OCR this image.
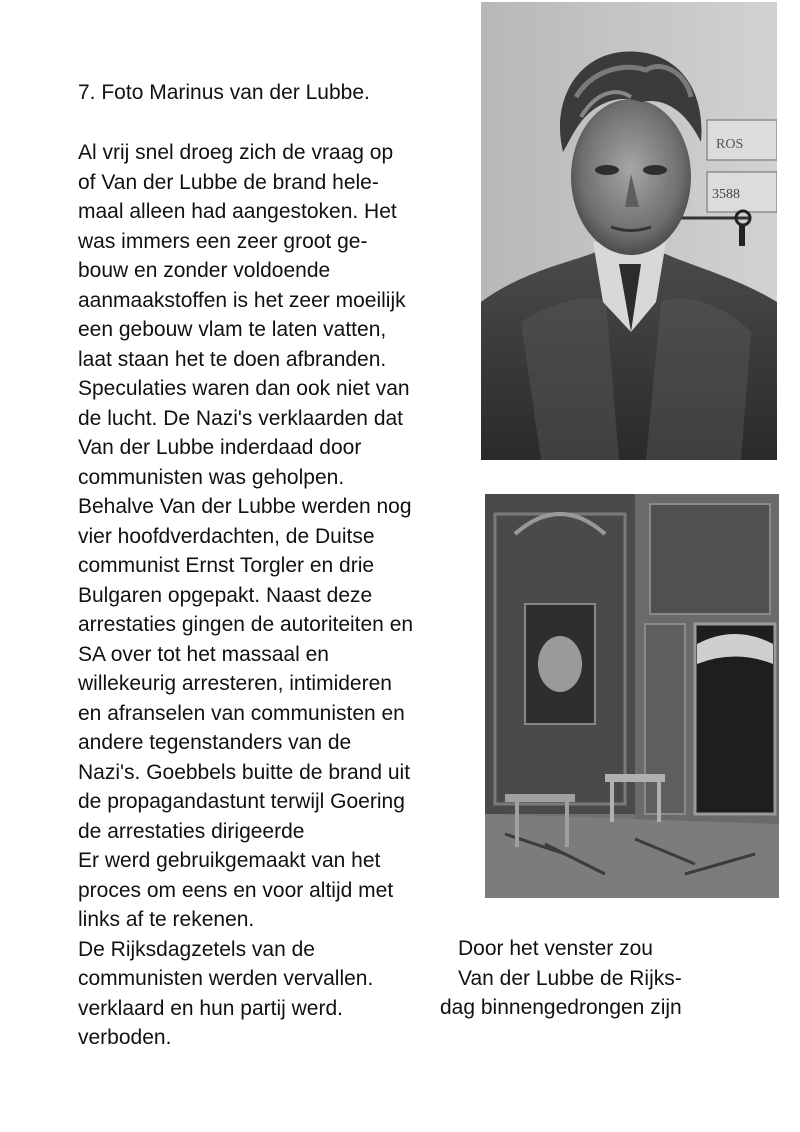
7. Foto Marinus van der Lubbe.
Al vrij snel droeg zich de vraag op
of Van der Lubbe de brand hele-
maal alleen had aangestoken. Het
was immers een zeer groot ge-
bouw en zonder voldoende
aanmaakstoffen is het zeer moeilijk
een gebouw vlam te laten vatten,
laat staan het te doen afbranden.
Speculaties waren dan ook niet van
de lucht. De Nazi's verklaarden dat
Van der Lubbe inderdaad door
communisten was geholpen.
Behalve Van der Lubbe werden nog
vier hoofdverdachten, de Duitse
communist Ernst Torgler en drie
Bulgaren opgepakt. Naast deze
arrestaties gingen de autoriteiten en
SA over tot het massaal en
willekeurig arresteren, intimideren
en afranselen van communisten en
andere tegenstanders van de
Nazi's. Goebbels buitte de brand uit
de propagandastunt terwijl Goering
de arrestaties dirigeerde
Er werd gebruikgemaakt van het
proces om eens en voor altijd met
links af te rekenen.
De Rijksdagzetels van de
communisten werden vervallen.
verklaard en hun partij werd.
verboden.
Door het venster zou
Van der Lubbe de Rijks-
dag binnengedrongen zijn
ROS
3588
